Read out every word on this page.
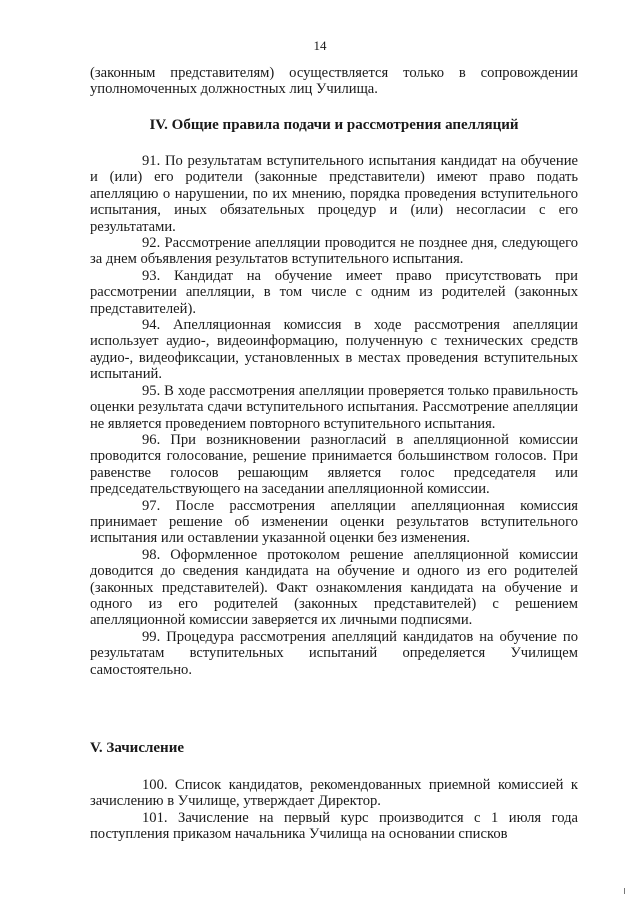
14

(законным представителям) осуществляется только в сопровождении уполномоченных должностных лиц Училища.

IV. Общие правила подачи и рассмотрения апелляций

91. По результатам вступительного испытания кандидат на обучение и (или) его родители (законные представители) имеют право подать апелляцию о нарушении, по их мнению, порядка проведения вступительного испытания, иных обязательных процедур и (или) несогласии с его результатами.

92. Рассмотрение апелляции проводится не позднее дня, следующего за днем объявления результатов вступительного испытания.

93. Кандидат на обучение имеет право присутствовать при рассмотрении апелляции, в том числе с одним из родителей (законных представителей).

94. Апелляционная комиссия в ходе рассмотрения апелляции использует аудио-, видеоинформацию, полученную с технических средств аудио-, видеофиксации, установленных в местах проведения вступительных испытаний.

95. В ходе рассмотрения апелляции проверяется только правильность оценки результата сдачи вступительного испытания. Рассмотрение апелляции не является проведением повторного вступительного испытания.

96. При возникновении разногласий в апелляционной комиссии проводится голосование, решение принимается большинством голосов. При равенстве голосов решающим является голос председателя или председательствующего на заседании апелляционной комиссии.

97. После рассмотрения апелляции апелляционная комиссия принимает решение об изменении оценки результатов вступительного испытания или оставлении указанной оценки без изменения.

98. Оформленное протоколом решение апелляционной комиссии доводится до сведения кандидата на обучение и одного из его родителей (законных представителей). Факт ознакомления кандидата на обучение и одного из его родителей (законных представителей) с решением апелляционной комиссии заверяется их личными подписями.

99. Процедура рассмотрения апелляций кандидатов на обучение по результатам вступительных испытаний определяется Училищем самостоятельно.

V. Зачисление

100. Список кандидатов, рекомендованных приемной комиссией к зачислению в Училище, утверждает Директор.

101. Зачисление на первый курс производится с 1 июля года поступления приказом начальника Училища на основании списков
